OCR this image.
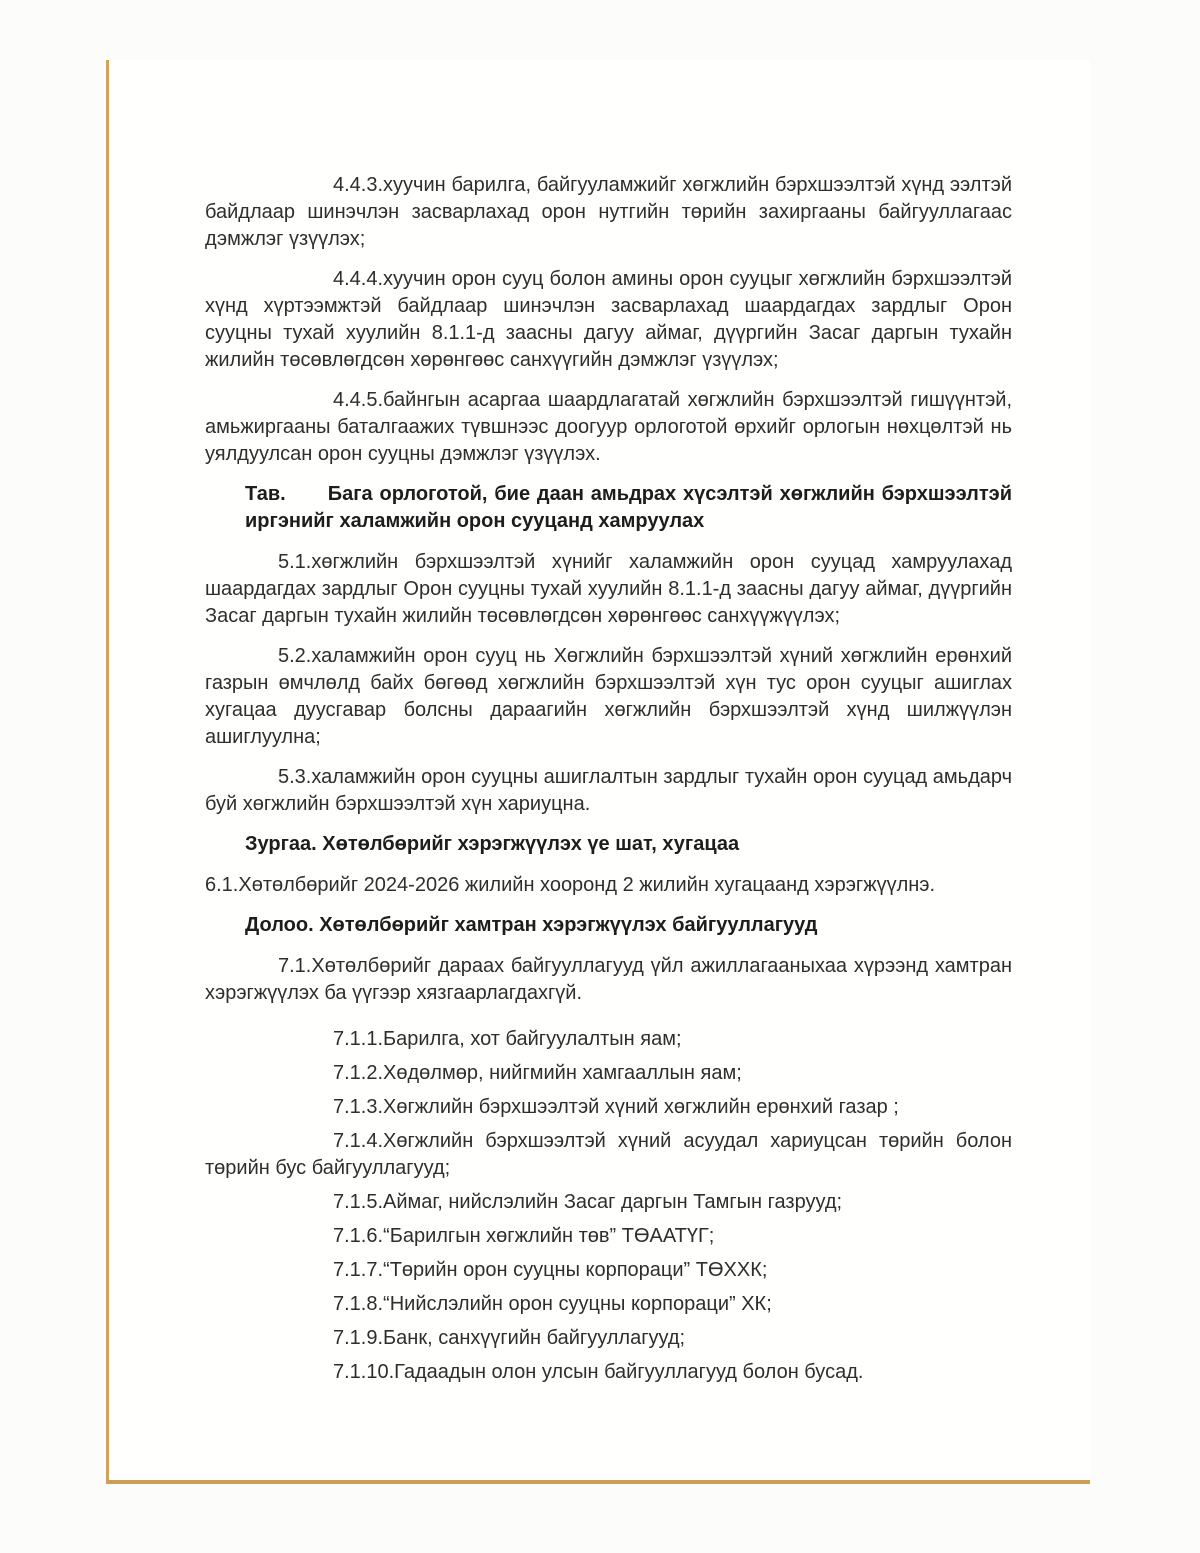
4.4.3.хуучин барилга, байгууламжийг хөгжлийн бэрхшээлтэй хүнд ээлтэй байдлаар шинэчлэн засварлахад орон нутгийн төрийн захиргааны байгууллагаас дэмжлэг үзүүлэх;

4.4.4.хуучин орон сууц болон амины орон сууцыг хөгжлийн бэрхшээлтэй хүнд хүртээмжтэй байдлаар шинэчлэн засварлахад шаардагдах зардлыг Орон сууцны тухай хуулийн 8.1.1-д заасны дагуу аймаг, дүүргийн Засаг даргын тухайн жилийн төсөвлөгдсөн хөрөнгөөс санхүүгийн дэмжлэг үзүүлэх;

4.4.5.байнгын асаргаа шаардлагатай хөгжлийн бэрхшээлтэй гишүүнтэй, амьжиргааны баталгаажих түвшнээс доогуур орлоготой өрхийг орлогын нөхцөлтэй нь уялдуулсан орон сууцны дэмжлэг үзүүлэх.

Тав. Бага орлоготой, бие даан амьдрах хүсэлтэй хөгжлийн бэрхшээлтэй иргэнийг халамжийн орон сууцанд хамруулах

5.1.хөгжлийн бэрхшээлтэй хүнийг халамжийн орон сууцад хамруулахад шаардагдах зардлыг Орон сууцны тухай хуулийн 8.1.1-д заасны дагуу аймаг, дүүргийн Засаг даргын тухайн жилийн төсөвлөгдсөн хөрөнгөөс санхүүжүүлэх;

5.2.халамжийн орон сууц нь Хөгжлийн бэрхшээлтэй хүний хөгжлийн ерөнхий газрын өмчлөлд байх бөгөөд хөгжлийн бэрхшээлтэй хүн тус орон сууцыг ашиглах хугацаа дуусгавар болсны дараагийн хөгжлийн бэрхшээлтэй хүнд шилжүүлэн ашиглуулна;

5.3.халамжийн орон сууцны ашиглалтын зардлыг тухайн орон сууцад амьдарч буй хөгжлийн бэрхшээлтэй хүн хариуцна.

Зургаа. Хөтөлбөрийг хэрэгжүүлэх үе шат, хугацаа

6.1.Хөтөлбөрийг 2024-2026 жилийн хооронд 2 жилийн хугацаанд хэрэгжүүлнэ.

Долоо. Хөтөлбөрийг хамтран хэрэгжүүлэх байгууллагууд

7.1.Хөтөлбөрийг дараах байгууллагууд үйл ажиллагааныхаа хүрээнд хамтран хэрэгжүүлэх ба үүгээр хязгаарлагдахгүй.

7.1.1.Барилга, хот байгуулалтын яам;

7.1.2.Хөдөлмөр, нийгмийн хамгааллын яам;

7.1.3.Хөгжлийн бэрхшээлтэй хүний хөгжлийн ерөнхий газар ;

7.1.4.Хөгжлийн бэрхшээлтэй хүний асуудал хариуцсан төрийн болон төрийн бус байгууллагууд;

7.1.5.Аймаг, нийслэлийн Засаг даргын Тамгын газрууд;

7.1.6.“Барилгын хөгжлийн төв” ТӨААТҮГ;

7.1.7.“Төрийн орон сууцны корпораци” ТӨХХК;

7.1.8.“Нийслэлийн орон сууцны корпораци” ХК;

7.1.9.Банк, санхүүгийн байгууллагууд;

7.1.10.Гадаадын олон улсын байгууллагууд болон бусад.
